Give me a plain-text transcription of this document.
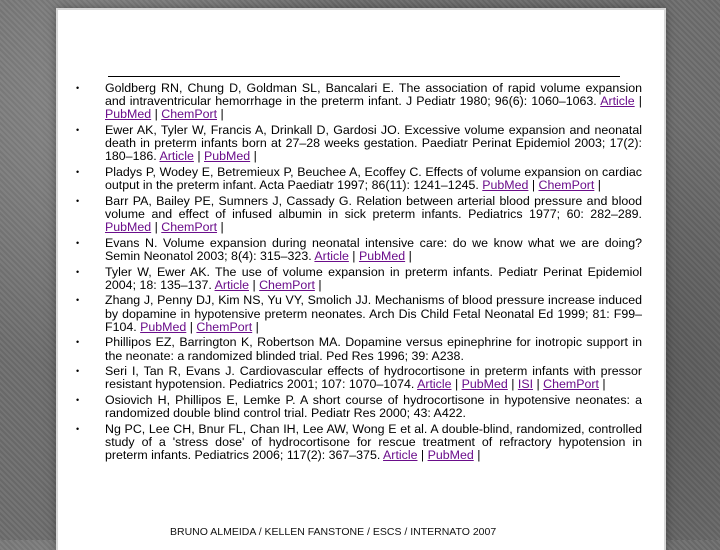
• Goldberg RN, Chung D, Goldman SL, Bancalari E. The association of rapid volume expansion and intraventricular hemorrhage in the preterm infant. J Pediatr 1980; 96(6): 1060–1063. Article | PubMed | ChemPort |
• Ewer AK, Tyler W, Francis A, Drinkall D, Gardosi JO. Excessive volume expansion and neonatal death in preterm infants born at 27–28 weeks gestation. Paediatr Perinat Epidemiol 2003; 17(2): 180–186. Article | PubMed |
• Pladys P, Wodey E, Betremieux P, Beuchee A, Ecoffey C. Effects of volume expansion on cardiac output in the preterm infant. Acta Paediatr 1997; 86(11): 1241–1245. PubMed | ChemPort |
• Barr PA, Bailey PE, Sumners J, Cassady G. Relation between arterial blood pressure and blood volume and effect of infused albumin in sick preterm infants. Pediatrics 1977; 60: 282–289. PubMed | ChemPort |
• Evans N. Volume expansion during neonatal intensive care: do we know what we are doing? Semin Neonatol 2003; 8(4): 315–323. Article | PubMed |
• Tyler W, Ewer AK. The use of volume expansion in preterm infants. Pediatr Perinat Epidemiol 2004; 18: 135–137. Article | ChemPort |
• Zhang J, Penny DJ, Kim NS, Yu VY, Smolich JJ. Mechanisms of blood pressure increase induced by dopamine in hypotensive preterm neonates. Arch Dis Child Fetal Neonatal Ed 1999; 81: F99–F104. PubMed | ChemPort |
• Phillipos EZ, Barrington K, Robertson MA. Dopamine versus epinephrine for inotropic support in the neonate: a randomized blinded trial. Ped Res 1996; 39: A238.
• Seri I, Tan R, Evans J. Cardiovascular effects of hydrocortisone in preterm infants with pressor resistant hypotension. Pediatrics 2001; 107: 1070–1074. Article | PubMed | ISI | ChemPort |
• Osiovich H, Phillipos E, Lemke P. A short course of hydrocortisone in hypotensive neonates: a randomized double blind control trial. Pediatr Res 2000; 43: A422.
• Ng PC, Lee CH, Bnur FL, Chan IH, Lee AW, Wong E et al. A double-blind, randomized, controlled study of a 'stress dose' of hydrocortisone for rescue treatment of refractory hypotension in preterm infants. Pediatrics 2006; 117(2): 367–375. Article | PubMed |
BRUNO ALMEIDA / KELLEN FANSTONE / ESCS / INTERNATO 2007
